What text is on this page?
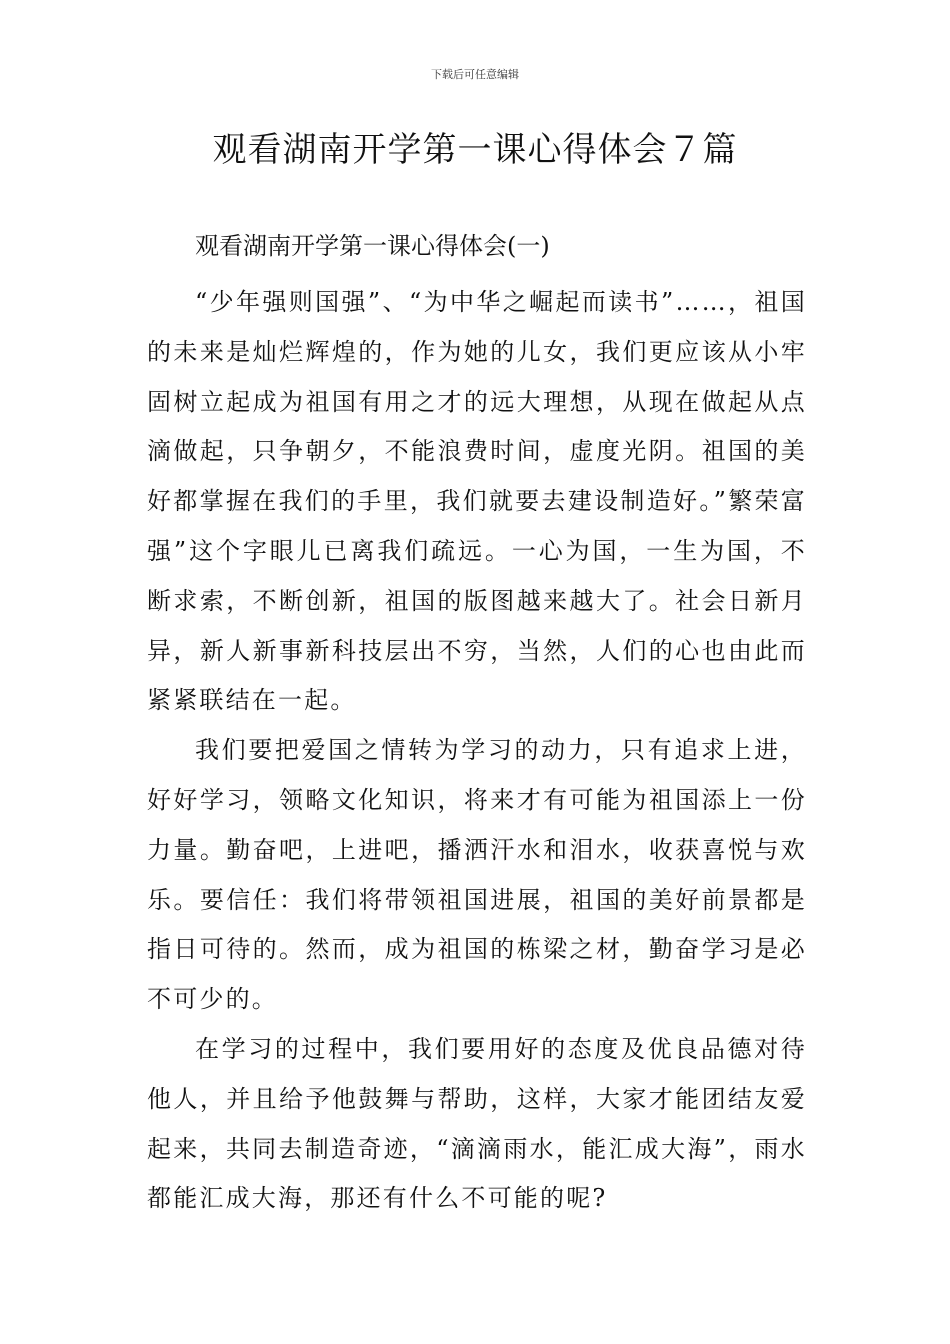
下载后可任意编辑
观看湖南开学第一课心得体会７篇
观看湖南开学第一课心得体会(一)

“少年强则国强”、“为中华之崛起而读书”……，祖国的未来是灿烂辉煌的，作为她的儿女，我们更应该从小牢固树立起成为祖国有用之才的远大理想，从现在做起从点滴做起，只争朝夕，不能浪费时间，虚度光阴。祖国的美好都掌握在我们的手里，我们就要去建设制造好。”繁荣富强”这个字眼儿已离我们疏远。一心为国，一生为国，不断求索，不断创新，祖国的版图越来越大了。社会日新月异，新人新事新科技层出不穷，当然，人们的心也由此而紧紧联结在一起。

我们要把爱国之情转为学习的动力，只有追求上进，好好学习，领略文化知识，将来才有可能为祖国添上一份力量。勤奋吧，上进吧，播洒汗水和泪水，收获喜悦与欢乐。要信任：我们将带领祖国进展，祖国的美好前景都是指日可待的。然而，成为祖国的栋梁之材，勤奋学习是必不可少的。

在学习的过程中，我们要用好的态度及优良品德对待他人，并且给予他鼓舞与帮助，这样，大家才能团结友爱起来，共同去制造奇迹，“滴滴雨水，能汇成大海”，雨水都能汇成大海，那还有什么不可能的呢?
